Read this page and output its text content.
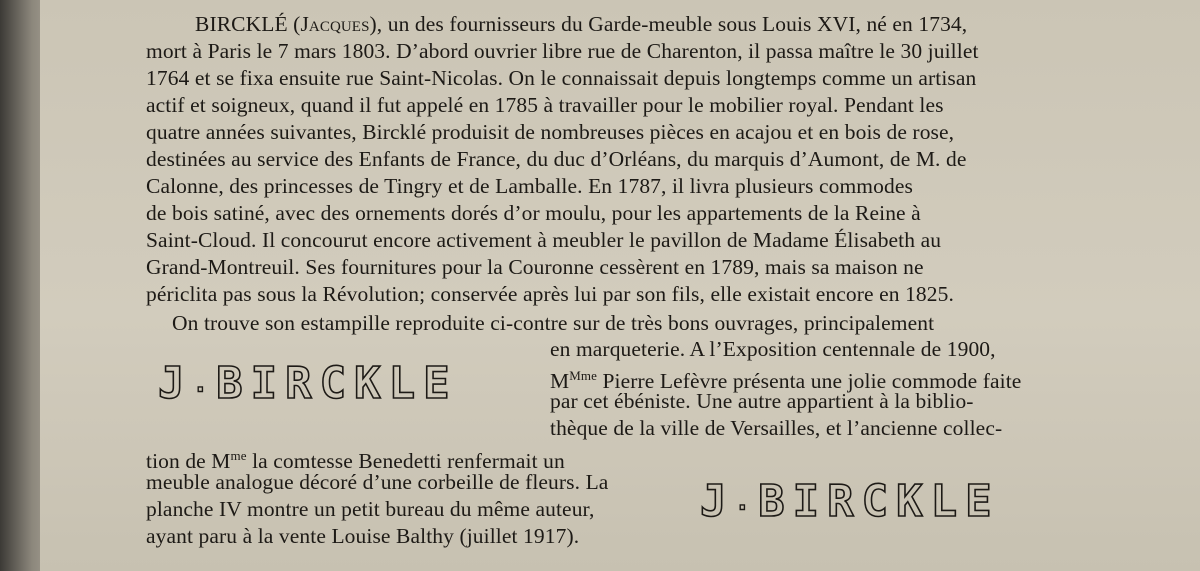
BIRCKLÉ (Jacques), un des fournisseurs du Garde-meuble sous Louis XVI, né en 1734,
mort à Paris le 7 mars 1803. D’abord ouvrier libre rue de Charenton, il passa maître le 30 juillet
1764 et se fixa ensuite rue Saint-Nicolas. On le connaissait depuis longtemps comme un artisan
actif et soigneux, quand il fut appelé en 1785 à travailler pour le mobilier royal. Pendant les
quatre années suivantes, Bircklé produisit de nombreuses pièces en acajou et en bois de rose,
destinées au service des Enfants de France, du duc d’Orléans, du marquis d’Aumont, de M. de
Calonne, des princesses de Tingry et de Lamballe. En 1787, il livra plusieurs commodes
de bois satiné, avec des ornements dorés d’or moulu, pour les appartements de la Reine à
Saint-Cloud. Il concourut encore activement à meubler le pavillon de Madame Élisabeth au
Grand-Montreuil. Ses fournitures pour la Couronne cessèrent en 1789, mais sa maison ne
périclita pas sous la Révolution; conservée après lui par son fils, elle existait encore en 1825.
On trouve son estampille reproduite ci-contre sur de très bons ouvrages, principalement
en marqueterie. A l’Exposition centennale de 1900,
$M^{Mme}$ Pierre Lefèvre présenta une jolie commode faite
par cet ébéniste. Une autre appartient à la biblio-
thèque de la ville de Versailles, et l’ancienne collec-
tion de $M^{me}$ la comtesse Benedetti renfermait un
meuble analogue décoré d’une corbeille de fleurs. La
planche IV montre un petit bureau du même auteur,
ayant paru à la vente Louise Balthy (juillet 1917).
J·BIRCKLE
J·BIRCKLE
